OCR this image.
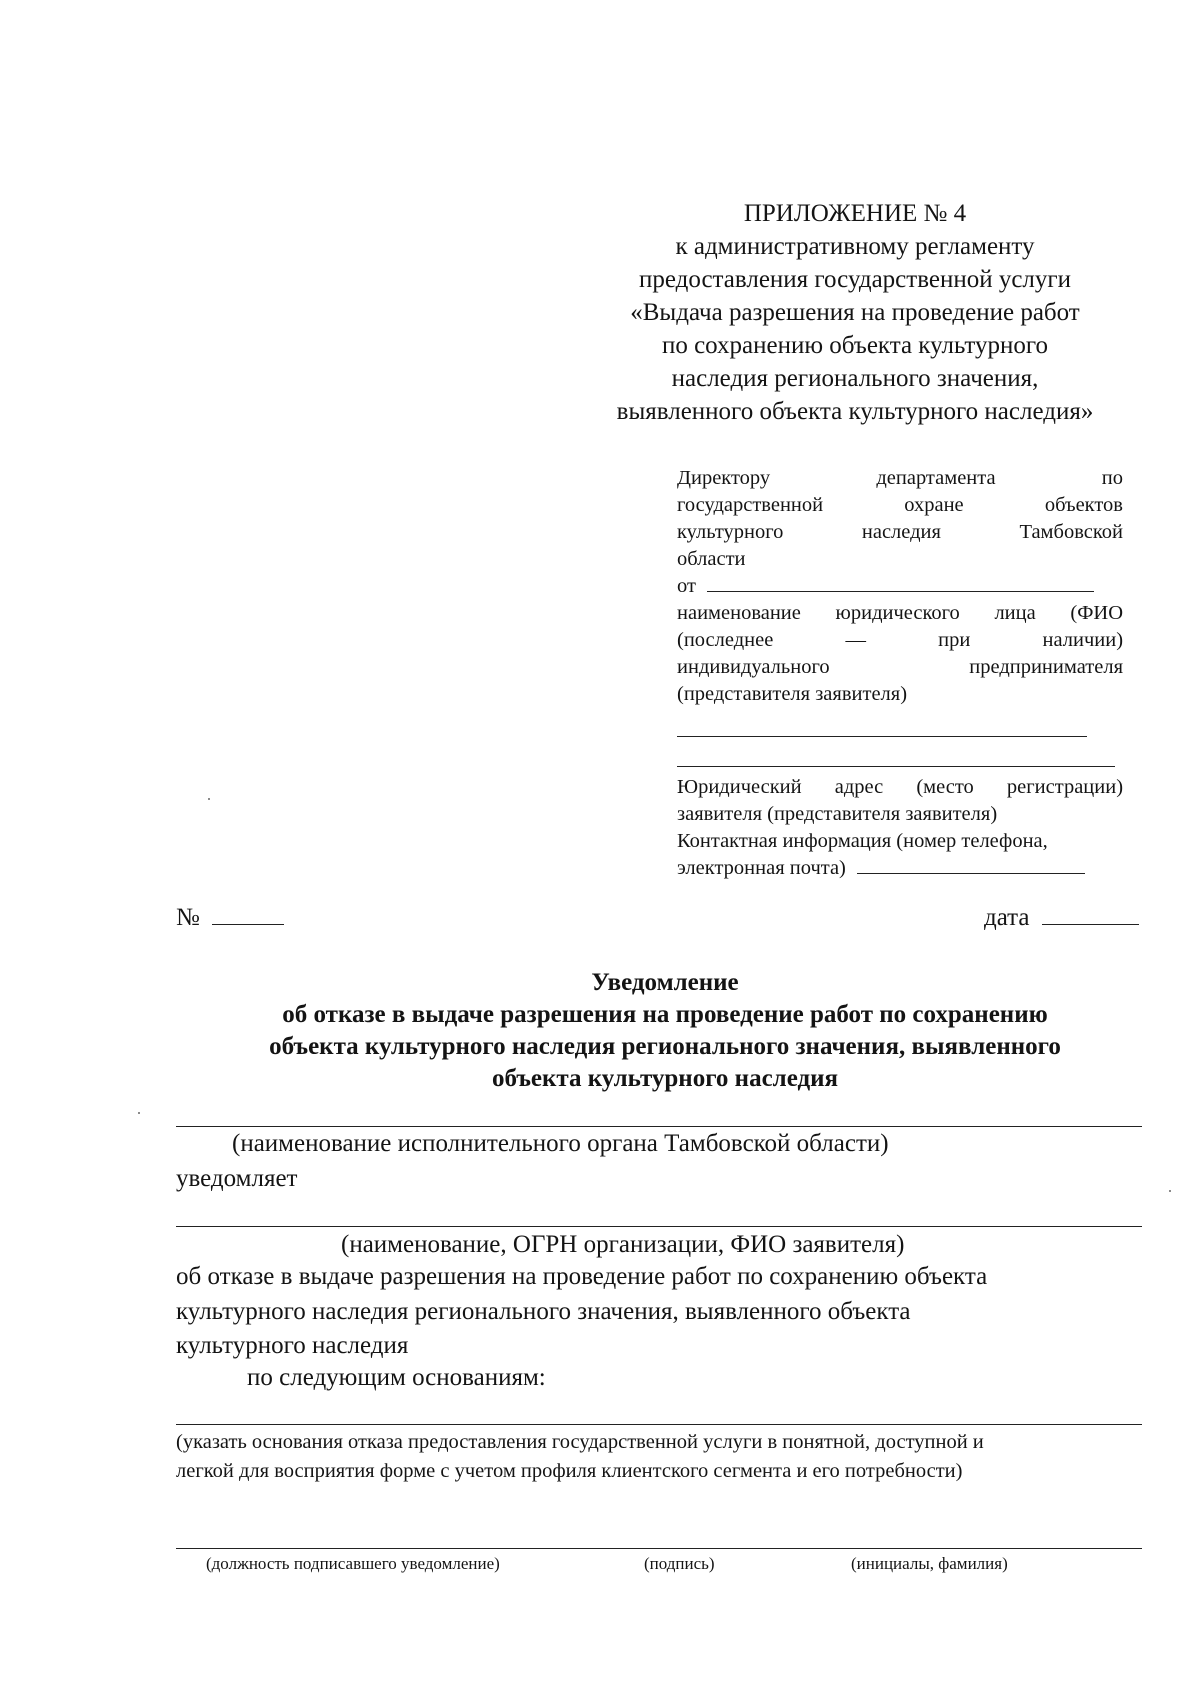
ПРИЛОЖЕНИЕ № 4
к административному регламенту
предоставления государственной услуги
«Выдача разрешения на проведение работ
по сохранению объекта культурного
наследия регионального значения,
выявленного объекта культурного наследия»
Директору	департамента	по
государственной	охране	объектов
культурного	наследия	Тамбовской
области
от
наименование юридического лица (ФИО
(последнее	—	при	наличии)
индивидуального	предпринимателя
(представителя заявителя)
Юридический адрес (место регистрации)
заявителя (представителя заявителя)
Контактная информация (номер телефона,
электронная почта)
№	дата
Уведомление
об отказе в выдаче разрешения на проведение работ по сохранению
объекта культурного наследия регионального значения, выявленного
объекта культурного наследия
(наименование исполнительного органа Тамбовской области)
уведомляет
(наименование, ОГРН организации, ФИО заявителя)
об отказе в выдаче разрешения на проведение работ по сохранению объекта
культурного наследия регионального значения, выявленного объекта
культурного наследия
по следующим основаниям:
(указать основания отказа предоставления государственной услуги в понятной, доступной и
легкой для восприятия форме с учетом профиля клиентского сегмента и его потребности)
(должность подписавшего уведомление)	(подпись)	(инициалы, фамилия)
